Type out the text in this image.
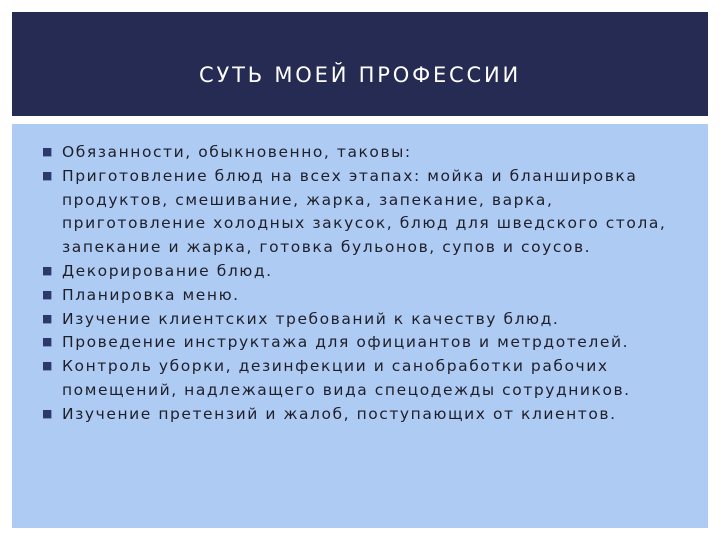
СУТЬ МОЕЙ ПРОФЕССИИ
■ Обязанности, обыкновенно, таковы:
■ Приготовление блюд на всех этапах: мойка и бланшировка продуктов, смешивание, жарка, запекание, варка, приготовление холодных закусок, блюд для шведского стола, запекание и жарка, готовка бульонов, супов и соусов.
■ Декорирование блюд.
■ Планировка меню.
■ Изучение клиентских требований к качеству блюд.
■ Проведение инструктажа для официантов и метрдотелей.
■ Контроль уборки, дезинфекции и санобработки рабочих помещений, надлежащего вида спецодежды сотрудников.
■ Изучение претензий и жалоб, поступающих от клиентов.
